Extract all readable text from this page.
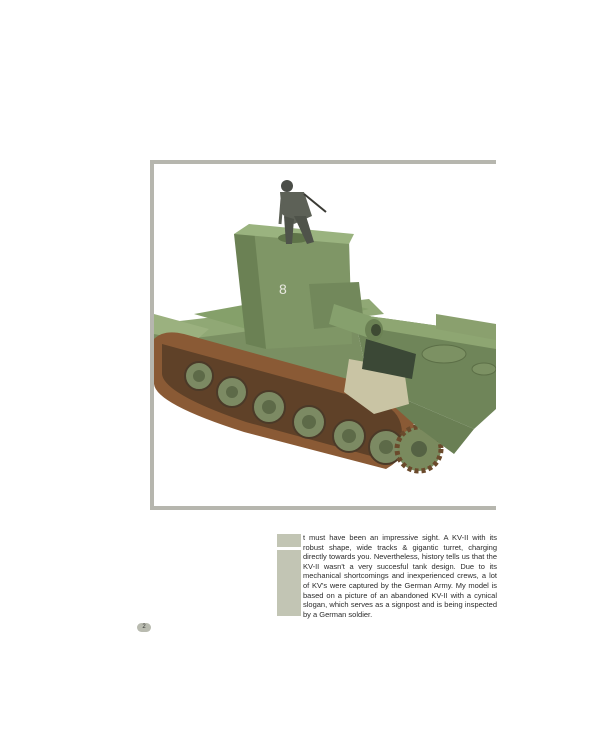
8

t must have been an impressive sight. A KV-II with its robust shape, wide tracks & gigantic turret, charging directly towards you. Nevertheless, history tells us that the KV-II wasn't a very succesful tank design. Due to its mechanical shortcomings and inexperienced crews, a lot of KV's were captured by the German Army. My model is based on a picture of an abandoned KV-II with a cynical slogan, which serves as a signpost and is being inspected by a German soldier.

2
